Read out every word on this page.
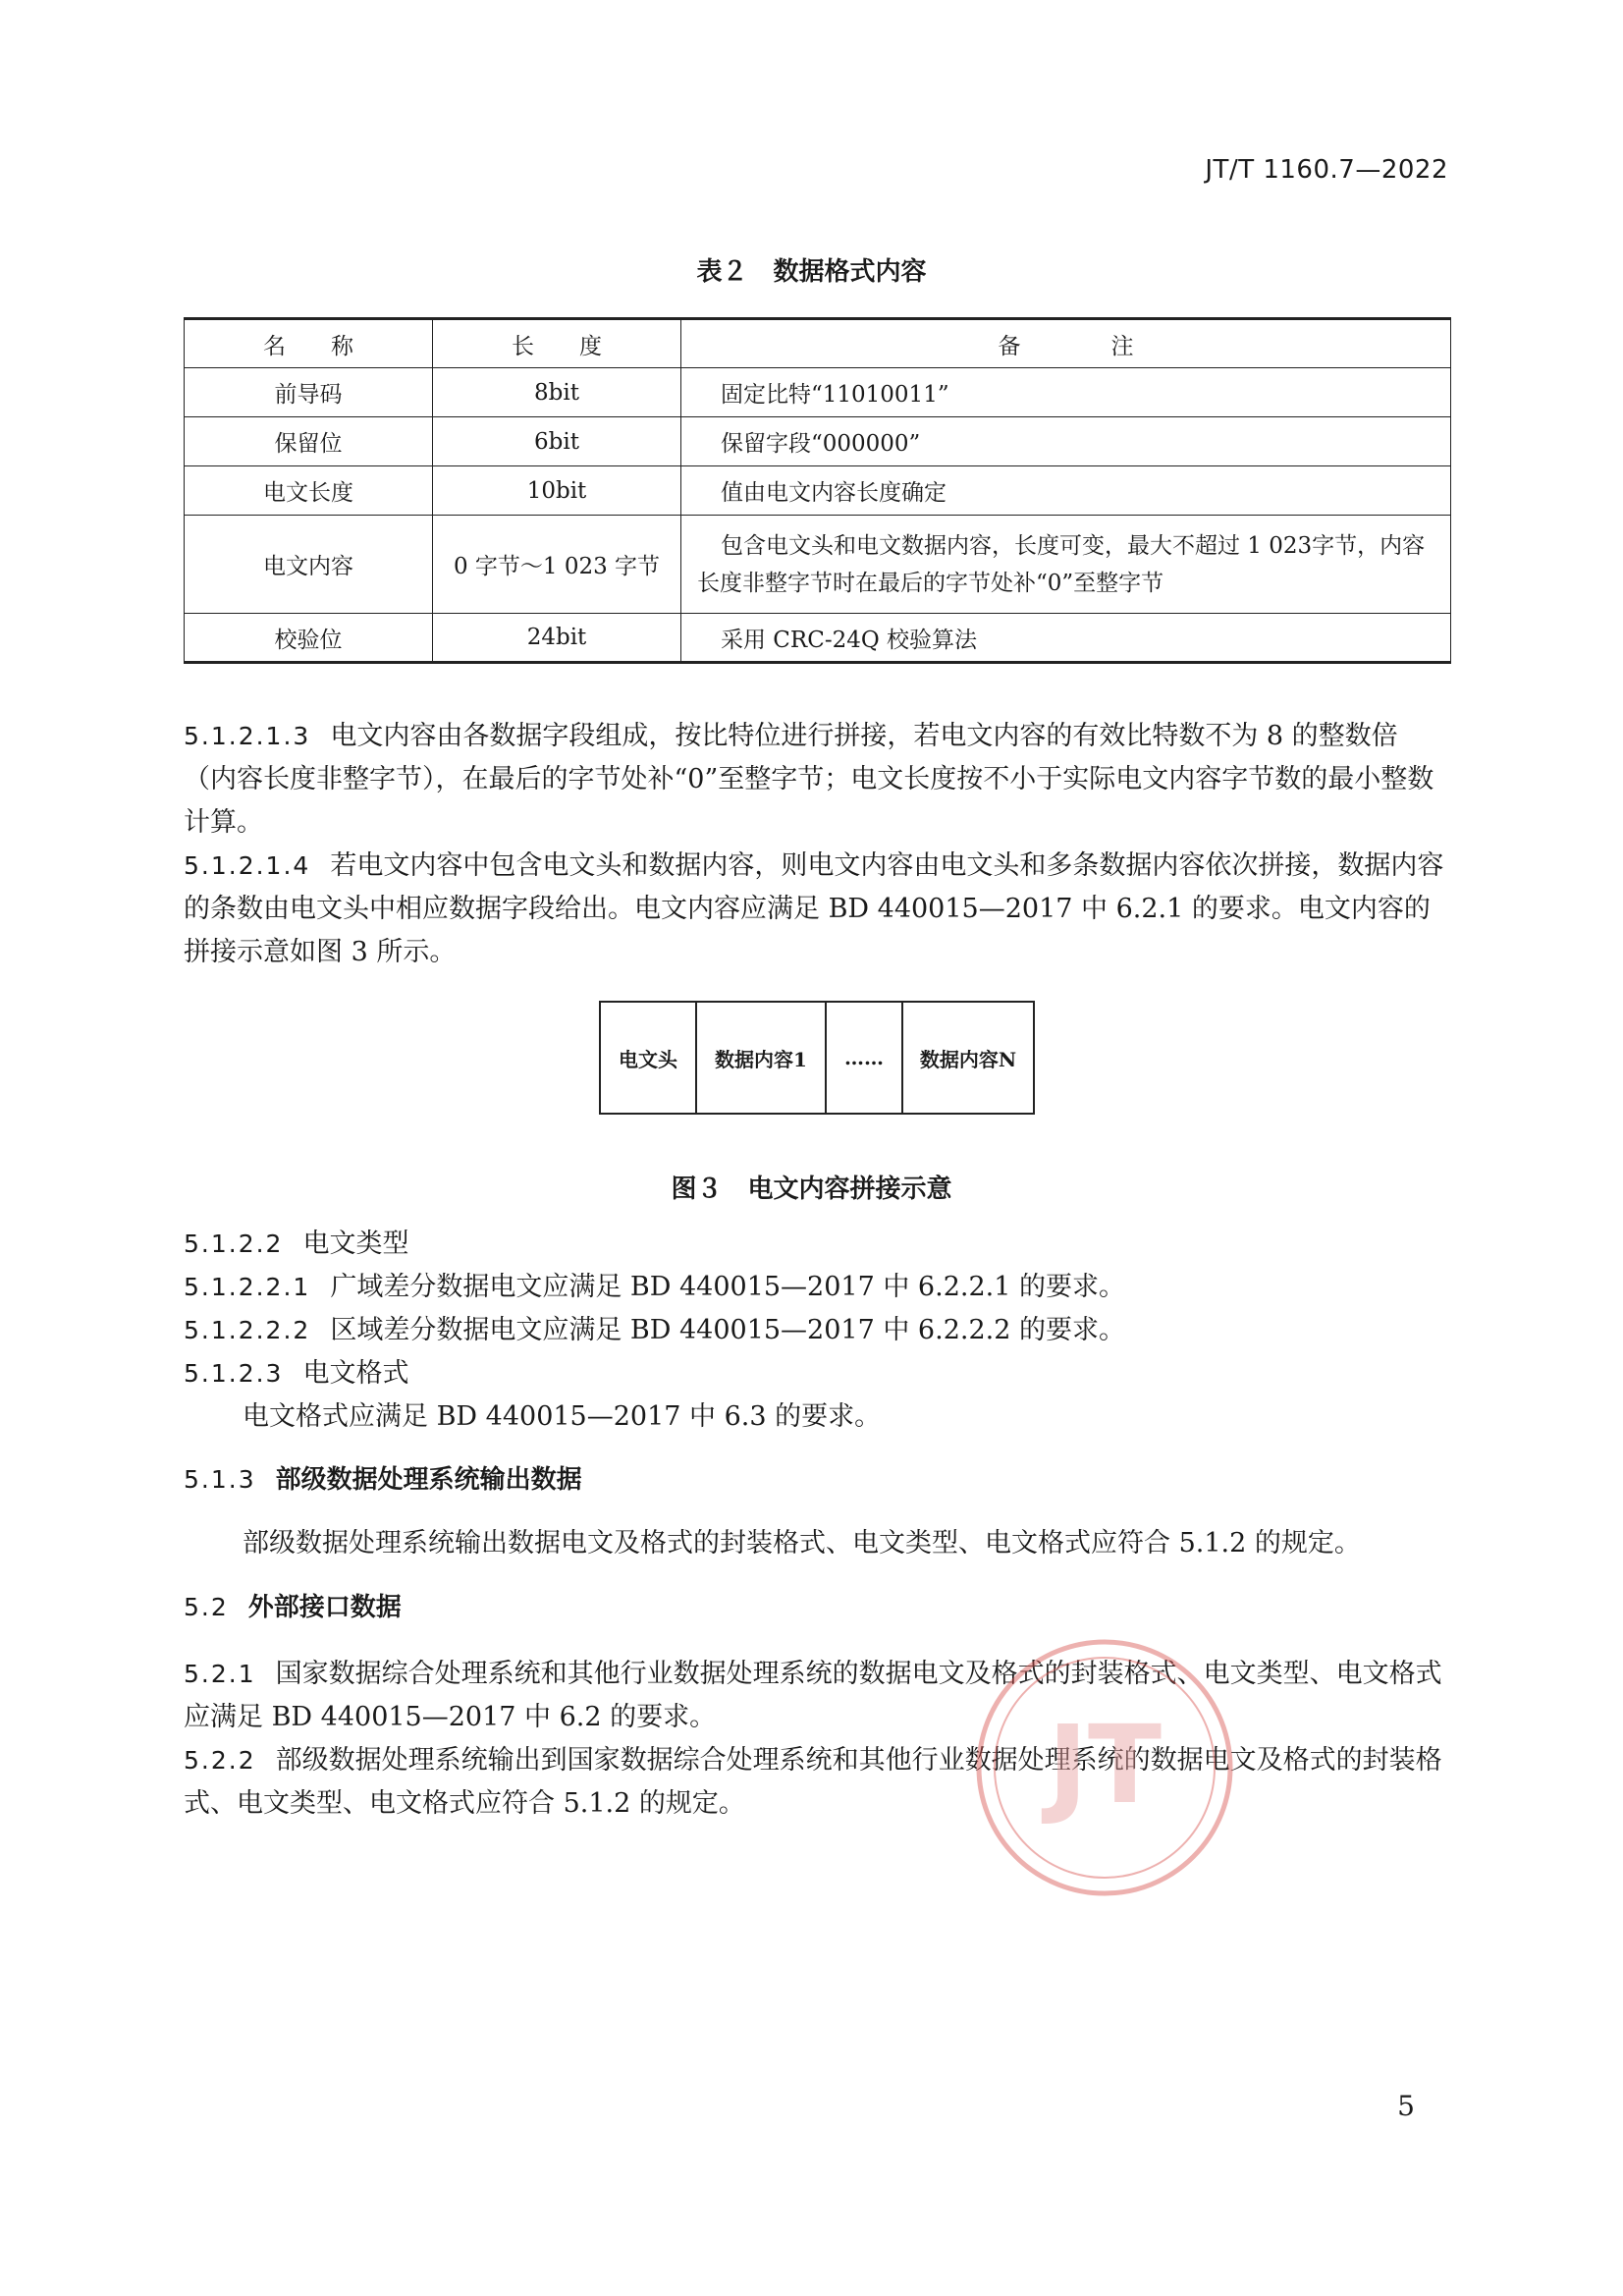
JT/T 1160.7—2022
表２　数据格式内容
名　　称	长　　度	备　　　　注
前导码	8bit	固定比特“11010011”
保留位	6bit	保留字段“000000”
电文长度	10bit	值由电文内容长度确定
电文内容	0 字节～1 023 字节	包含电文头和电文数据内容，长度可变，最大不超过 1 023字节，内容长度非整字节时在最后的字节处补“0”至整字节
校验位	24bit	采用 CRC-24Q 校验算法
5.1.2.1.3 电文内容由各数据字段组成，按比特位进行拼接，若电文内容的有效比特数不为 8 的整数倍（内容长度非整字节），在最后的字节处补“0”至整字节；电文长度按不小于实际电文内容字节数的最小整数计算。
5.1.2.1.4 若电文内容中包含电文头和数据内容，则电文内容由电文头和多条数据内容依次拼接，数据内容的条数由电文头中相应数据字段给出。电文内容应满足 BD 440015—2017 中 6.2.1 的要求。电文内容的拼接示意如图 3 所示。
电文头	数据内容1	……	数据内容N
图３　电文内容拼接示意
5.1.2.2 电文类型
5.1.2.2.1 广域差分数据电文应满足 BD 440015—2017 中 6.2.2.1 的要求。
5.1.2.2.2 区域差分数据电文应满足 BD 440015—2017 中 6.2.2.2 的要求。
5.1.2.3 电文格式
电文格式应满足 BD 440015—2017 中 6.3 的要求。
5.1.3 部级数据处理系统输出数据
部级数据处理系统输出数据电文及格式的封装格式、电文类型、电文格式应符合 5.1.2 的规定。
5.2 外部接口数据
5.2.1 国家数据综合处理系统和其他行业数据处理系统的数据电文及格式的封装格式、电文类型、电文格式应满足 BD 440015—2017 中 6.2 的要求。
5.2.2 部级数据处理系统输出到国家数据综合处理系统和其他行业数据处理系统的数据电文及格式的封装格式、电文类型、电文格式应符合 5.1.2 的规定。	JT
5
